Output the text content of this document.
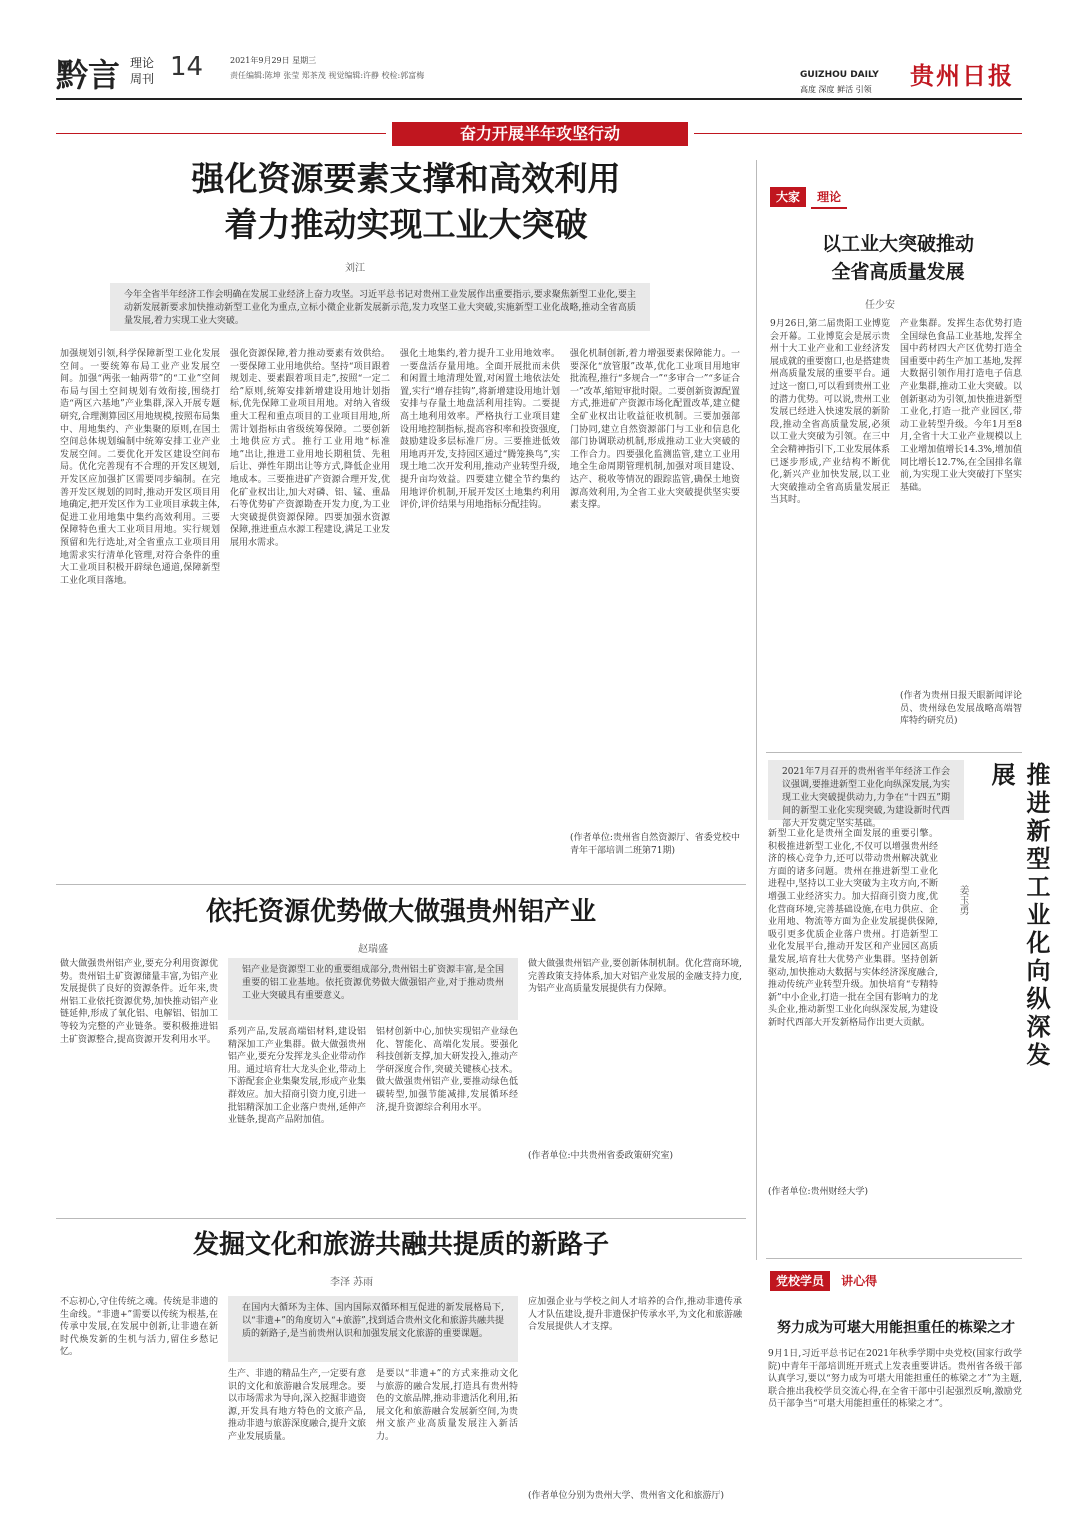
黔言 理论
周刊 14	2021年9月29日 星期三
责任编辑:陈坤 张莹 郑茶茂 视觉编辑:许静 校检:郭富梅	GUIZHOU DAILY
高度 深度 鲜活 引领 贵州日报
奋力开展半年攻坚行动
强化资源要素支撑和高效利用
着力推动实现工业大突破
刘江
今年全省半年经济工作会明确在发展工业经济上奋力攻坚。习近平总书记对贵州工业发展作出重要指示,要求聚焦新型工业化,要主动新发展新要求加快推动新型工业化为重点,立标小微企业新发展新示范,发力攻坚工业大突破,实施新型工业化战略,推动全省高质量发展,着力实现工业大突破。
加强规划引领,科学保障新型工业化发展空间。一要统筹布局工业产业发展空间。加强“两张一轴两带”的“工业”空间布局与国土空间规划有效衔接,围绕打造“两区六基地”产业集群,深入开展专题研究,合理测算园区用地规模,按照布局集中、用地集约、产业集聚的原则,在国土空间总体规划编制中统筹安排工业产业发展空间。二要优化开发区建设空间布局。优化完善现有不合理的开发区规划,开发区应加强扩区需要同步编制。在完善开发区规划的同时,推动开发区项目用地确定,把开发区作为工业项目承载主体,促进工业用地集中集约高效利用。三要保障特色重大工业项目用地。实行规划预留和先行选址,对全省重点工业项目用地需求实行清单化管理,对符合条件的重大工业项目积极开辟绿色通道,保障新型工业化项目落地。
强化资源保障,着力推动要素有效供给。一要保障工业用地供给。坚持“项目跟着规划走、要素跟着项目走”,按照“一定二给”原则,统筹安排新增建设用地计划指标,优先保障工业项目用地。对纳入省级重大工程和重点项目的工业项目用地,所需计划指标由省级统筹保障。二要创新土地供应方式。推行工业用地“标准地”出让,推进工业用地长期租赁、先租后让、弹性年期出让等方式,降低企业用地成本。三要推进矿产资源合理开发,优化矿业权出让,加大对磷、铝、锰、重晶石等优势矿产资源勘查开发力度,为工业大突破提供资源保障。四要加强水资源保障,推进重点水源工程建设,满足工业发展用水需求。
强化土地集约,着力提升工业用地效率。一要盘活存量用地。全面开展批而未供和闲置土地清理处置,对闲置土地依法处置,实行“增存挂钩”,将新增建设用地计划安排与存量土地盘活利用挂钩。二要提高土地利用效率。严格执行工业项目建设用地控制指标,提高容积率和投资强度,鼓励建设多层标准厂房。三要推进低效用地再开发,支持园区通过“腾笼换鸟”,实现土地二次开发利用,推动产业转型升级,提升亩均效益。四要建立健全节约集约用地评价机制,开展开发区土地集约利用评价,评价结果与用地指标分配挂钩。
强化机制创新,着力增强要素保障能力。一要深化“放管服”改革,优化工业项目用地审批流程,推行“多规合一”“多审合一”“多证合一”改革,缩短审批时限。二要创新资源配置方式,推进矿产资源市场化配置改革,建立健全矿业权出让收益征收机制。三要加强部门协同,建立自然资源部门与工业和信息化部门协调联动机制,形成推动工业大突破的工作合力。四要强化监测监管,建立工业用地全生命周期管理机制,加强对项目建设、达产、税收等情况的跟踪监管,确保土地资源高效利用,为全省工业大突破提供坚实要素支撑。
(作者单位:贵州省自然资源厅、省委党校中青年干部培训二班第71期)
大家 理论
以工业大突破推动
全省高质量发展
任少安
9月26日,第二届贵阳工业博览会开幕。工业博览会是展示贵州十大工业产业和工业经济发展成就的重要窗口,也是搭建贵州高质量发展的重要平台。通过这一窗口,可以看到贵州工业的潜力优势。可以说,贵州工业发展已经进入快速发展的新阶段,推动全省高质量发展,必须以工业大突破为引领。在三中全会精神指引下,工业发展体系已逐步形成,产业结构不断优化,新兴产业加快发展,以工业大突破推动全省高质量发展正当其时。
产业集群。发挥生态优势打造全国绿色食品工业基地,发挥全国中药材四大产区优势打造全国重要中药生产加工基地,发挥大数据引领作用打造电子信息产业集群,推动工业大突破。以创新驱动为引领,加快推进新型工业化,打造一批产业园区,带动工业转型升级。今年1月至8月,全省十大工业产业规模以上工业增加值增长14.3%,增加值同比增长12.7%,在全国排名靠前,为实现工业大突破打下坚实基础。
(作者为贵州日报天眼新闻评论员、贵州绿色发展战略高端智库特约研究员)
2021年7月召开的贵州省半年经济工作会议强调,要推进新型工业化向纵深发展,为实现工业大突破提供动力,力争在“十四五”期间的新型工业化实现突破,为建设新时代西部大开发奠定坚实基础。	推进新型工业化向纵深发展
姜玉勇
新型工业化是贵州全面发展的重要引擎。积极推进新型工业化,不仅可以增强贵州经济的核心竞争力,还可以带动贵州解决就业方面的诸多问题。贵州在推进新型工业化进程中,坚持以工业大突破为主攻方向,不断增强工业经济实力。加大招商引资力度,优化营商环境,完善基础设施,在电力供应、企业用地、物流等方面为企业发展提供保障,吸引更多优质企业落户贵州。打造新型工业化发展平台,推动开发区和产业园区高质量发展,培育壮大优势产业集群。坚持创新驱动,加快推动大数据与实体经济深度融合,推动传统产业转型升级。加快培育“专精特新”中小企业,打造一批在全国有影响力的龙头企业,推动新型工业化向纵深发展,为建设新时代西部大开发新格局作出更大贡献。
(作者单位:贵州财经大学)
依托资源优势做大做强贵州铝产业
赵瑞盛
铝产业是资源型工业的重要组成部分,贵州铝土矿资源丰富,是全国重要的铝工业基地。依托资源优势做大做强铝产业,对于推动贵州工业大突破具有重要意义。
做大做强贵州铝产业,要充分利用资源优势。贵州铝土矿资源储量丰富,为铝产业发展提供了良好的资源条件。近年来,贵州铝工业依托资源优势,加快推动铝产业链延伸,形成了氧化铝、电解铝、铝加工等较为完整的产业链条。要积极推进铝土矿资源整合,提高资源开发利用水平。
系列产品,发展高端铝材料,建设铝精深加工产业集群。做大做强贵州铝产业,要充分发挥龙头企业带动作用。通过培育壮大龙头企业,带动上下游配套企业集聚发展,形成产业集群效应。加大招商引资力度,引进一批铝精深加工企业落户贵州,延伸产业链条,提高产品附加值。
铝材创新中心,加快实现铝产业绿色化、智能化、高端化发展。要强化科技创新支撑,加大研发投入,推动产学研深度合作,突破关键核心技术。做大做强贵州铝产业,要推动绿色低碳转型,加强节能减排,发展循环经济,提升资源综合利用水平。
做大做强贵州铝产业,要创新体制机制。优化营商环境,完善政策支持体系,加大对铝产业发展的金融支持力度,为铝产业高质量发展提供有力保障。
(作者单位:中共贵州省委政策研究室)
发掘文化和旅游共融共提质的新路子
李泽 苏雨
在国内大循环为主体、国内国际双循环相互促进的新发展格局下,以“非遗+”的角度切入“+旅游”,找到适合贵州文化和旅游共融共提质的新路子,是当前贵州认识和加强发展文化旅游的重要课题。
不忘初心,守住传统之魂。传统是非遗的生命线。“非遗+”需要以传统为根基,在传承中发展,在发展中创新,让非遗在新时代焕发新的生机与活力,留住乡愁记忆。
生产、非遗的精品生产,一定要有意识的文化和旅游融合发展理念。要以市场需求为导向,深入挖掘非遗资源,开发具有地方特色的文旅产品,推动非遗与旅游深度融合,提升文旅产业发展质量。
是要以“非遗+”的方式来推动文化与旅游的融合发展,打造具有贵州特色的文旅品牌,推动非遗活化利用,拓展文化和旅游融合发展新空间,为贵州文旅产业高质量发展注入新活力。
应加强企业与学校之间人才培养的合作,推动非遗传承人才队伍建设,提升非遗保护传承水平,为文化和旅游融合发展提供人才支撑。
(作者单位分别为贵州大学、贵州省文化和旅游厅)
党校学员 讲心得
努力成为可堪大用能担重任的栋梁之才
9月1日,习近平总书记在2021年秋季学期中央党校(国家行政学院)中青年干部培训班开班式上发表重要讲话。贵州省各级干部认真学习,要以“努力成为可堪大用能担重任的栋梁之才”为主题,联合推出我校学员交流心得,在全省干部中引起强烈反响,激励党员干部争当“可堪大用能担重任的栋梁之才”。
